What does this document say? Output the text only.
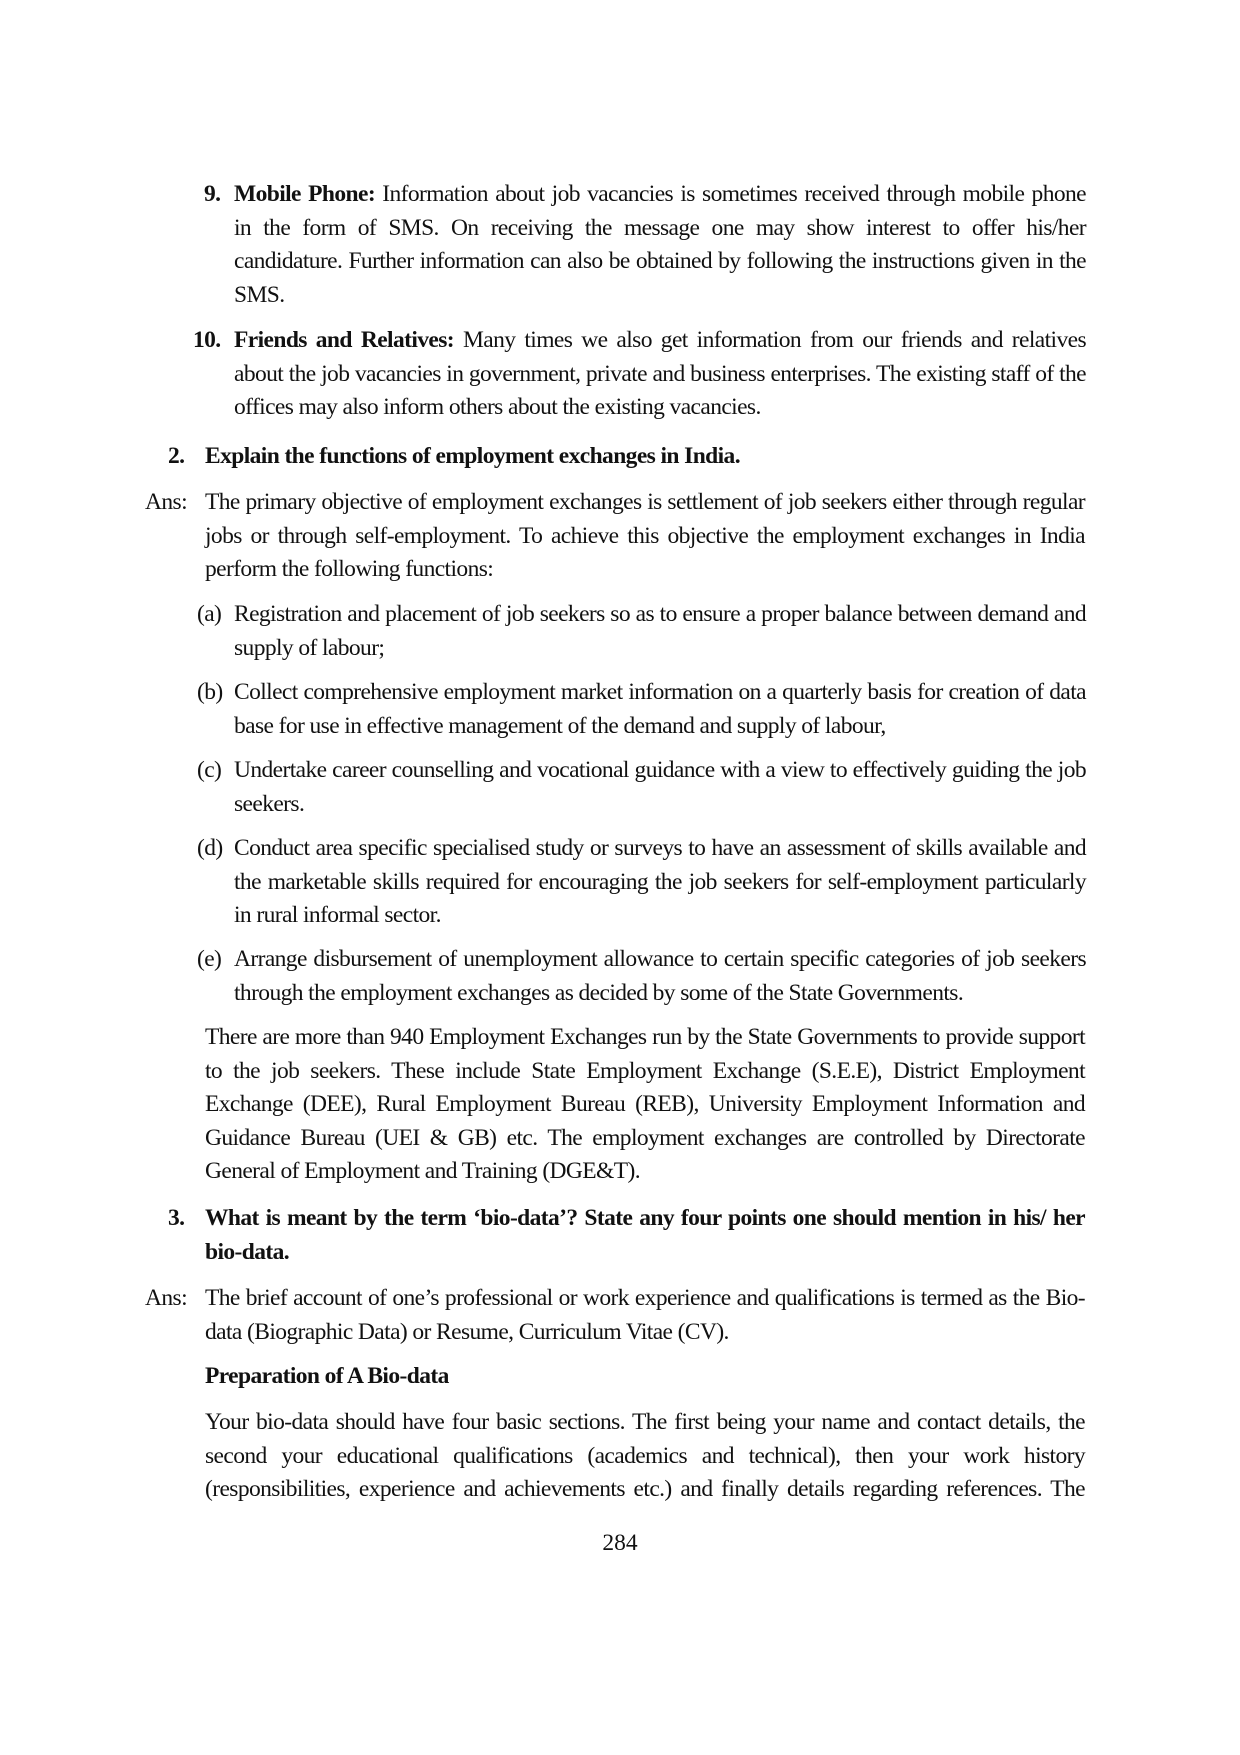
9. Mobile Phone: Information about job vacancies is sometimes received through mobile phone in the form of SMS. On receiving the message one may show interest to offer his/her candidature. Further information can also be obtained by following the instructions given in the SMS.

10. Friends and Relatives: Many times we also get information from our friends and relatives about the job vacancies in government, private and business enterprises. The existing staff of the offices may also inform others about the existing vacancies.

2. Explain the functions of employment exchanges in India.

Ans: The primary objective of employment exchanges is settlement of job seekers either through regular jobs or through self-employment. To achieve this objective the employment exchanges in India perform the following functions:

(a) Registration and placement of job seekers so as to ensure a proper balance between demand and supply of labour;

(b) Collect comprehensive employment market information on a quarterly basis for creation of data base for use in effective management of the demand and supply of labour,

(c) Undertake career counselling and vocational guidance with a view to effectively guiding the job seekers.

(d) Conduct area specific specialised study or surveys to have an assessment of skills available and the marketable skills required for encouraging the job seekers for self-employment particularly in rural informal sector.

(e) Arrange disbursement of unemployment allowance to certain specific categories of job seekers through the employment exchanges as decided by some of the State Governments.

There are more than 940 Employment Exchanges run by the State Governments to provide support to the job seekers. These include State Employment Exchange (S.E.E), District Employment Exchange (DEE), Rural Employment Bureau (REB), University Employment Information and Guidance Bureau (UEI & GB) etc. The employment exchanges are controlled by Directorate General of Employment and Training (DGE&T).

3. What is meant by the term ‘bio-data’? State any four points one should mention in his/ her bio-data.

Ans: The brief account of one’s professional or work experience and qualifications is termed as the Bio-data (Biographic Data) or Resume, Curriculum Vitae (CV).

Preparation of A Bio-data

Your bio-data should have four basic sections. The first being your name and contact details, the second your educational qualifications (academics and technical), then your work history (responsibilities, experience and achievements etc.) and finally details regarding references. The

284
